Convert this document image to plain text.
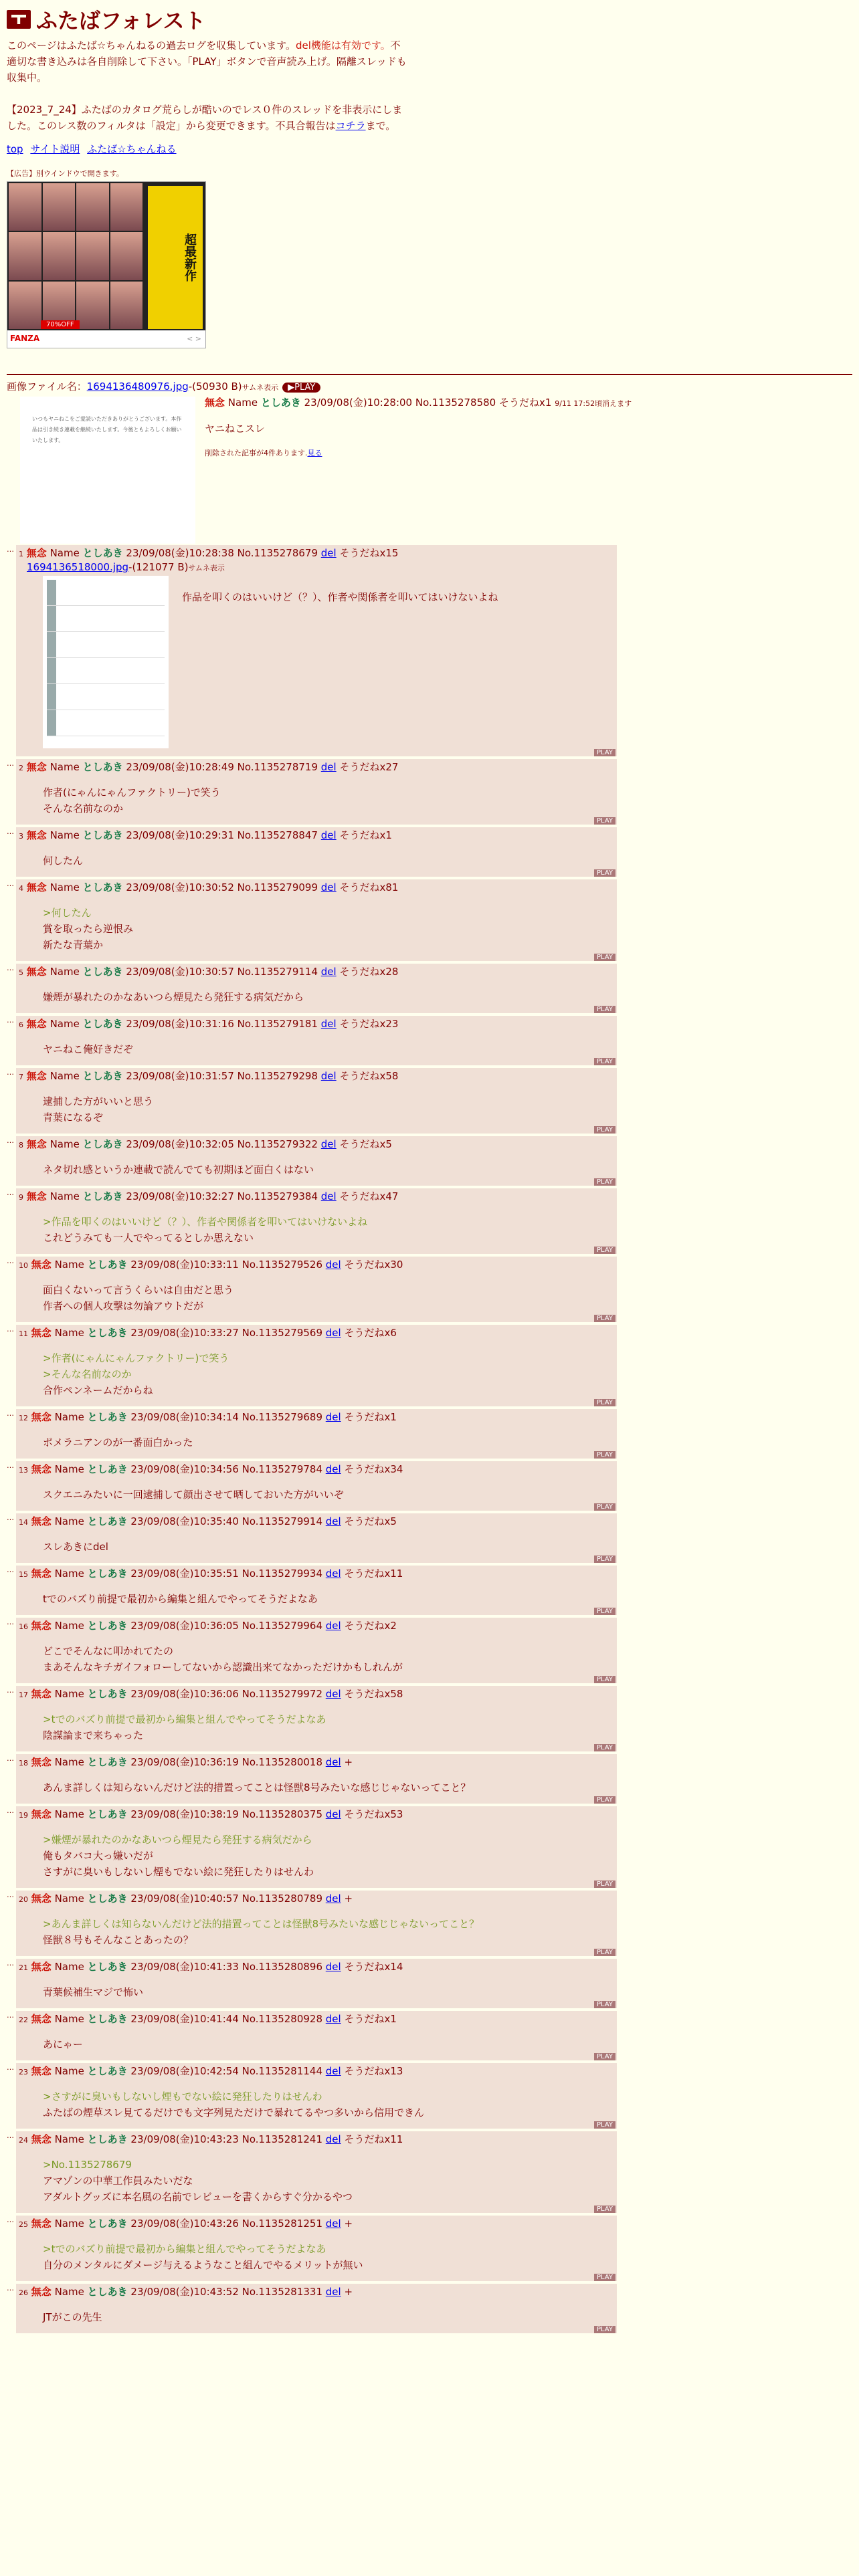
ふたばフォレスト
このページはふたば☆ちゃんねるの過去ログを収集しています。del機能は有効です。不適切な書き込みは各自削除して下さい。「PLAY」ボタンで音声読み上げ。隔離スレッドも収集中。

【2023_7_24】ふたばのカタログ荒らしが酷いのでレス０件のスレッドを非表示にしました。このレス数のフィルタは「設定」から変更できます。不具合報告はコチラまで。
top サイト説明 ふたば☆ちゃんねる
【広告】別ウインドウで開きます。
超最新作
70%OFF
FANZA	< >
画像ファイル名：1694136480976.jpg-(50930 B)サムネ表示 ▶PLAY
いつもヤニねこをご愛読いただきありがとうございます。本作品は引き続き連載を継続いたします。今後ともよろしくお願いいたします。
無念 Name としあき 23/09/08(金)10:28:00 No.1135278580 そうだねx1 9/11 17:52頃消えます
ヤニねこスレ
削除された記事が4件あります.見る
…
1 無念 Name としあき 23/09/08(金)10:28:38 No.1135278679 del そうだねx15
1694136518000.jpg-(121077 B)サムネ表示
作品を叩くのはいいけど（？）、作者や関係者を叩いてはいけないよね
PLAY
…
2 無念 Name としあき 23/09/08(金)10:28:49 No.1135278719 del そうだねx27
作者(にゃんにゃんファクトリー)で笑う
そんな名前なのか
PLAY
…
3 無念 Name としあき 23/09/08(金)10:29:31 No.1135278847 del そうだねx1
何したん
PLAY
…
4 無念 Name としあき 23/09/08(金)10:30:52 No.1135279099 del そうだねx81
>何したん
賞を取ったら逆恨み
新たな青葉か
PLAY
…
5 無念 Name としあき 23/09/08(金)10:30:57 No.1135279114 del そうだねx28
嫌煙が暴れたのかなあいつら煙見たら発狂する病気だから
PLAY
…
6 無念 Name としあき 23/09/08(金)10:31:16 No.1135279181 del そうだねx23
ヤニねこ俺好きだぞ
PLAY
…
7 無念 Name としあき 23/09/08(金)10:31:57 No.1135279298 del そうだねx58
逮捕した方がいいと思う
青葉になるぞ
PLAY
…
8 無念 Name としあき 23/09/08(金)10:32:05 No.1135279322 del そうだねx5
ネタ切れ感というか連載で読んでても初期ほど面白くはない
PLAY
…
9 無念 Name としあき 23/09/08(金)10:32:27 No.1135279384 del そうだねx47
>作品を叩くのはいいけど（？）、作者や関係者を叩いてはいけないよね
これどうみても一人でやってるとしか思えない
PLAY
…
10 無念 Name としあき 23/09/08(金)10:33:11 No.1135279526 del そうだねx30
面白くないって言うくらいは自由だと思う
作者への個人攻撃は勿論アウトだが
PLAY
…
11 無念 Name としあき 23/09/08(金)10:33:27 No.1135279569 del そうだねx6
>作者(にゃんにゃんファクトリー)で笑う
>そんな名前なのか
合作ペンネームだからね
PLAY
…
12 無念 Name としあき 23/09/08(金)10:34:14 No.1135279689 del そうだねx1
ポメラニアンのが一番面白かった
PLAY
…
13 無念 Name としあき 23/09/08(金)10:34:56 No.1135279784 del そうだねx34
スクエニみたいに一回逮捕して顔出させて晒しておいた方がいいぞ
PLAY
…
14 無念 Name としあき 23/09/08(金)10:35:40 No.1135279914 del そうだねx5
スレあきにdel
PLAY
…
15 無念 Name としあき 23/09/08(金)10:35:51 No.1135279934 del そうだねx11
tでのバズり前提で最初から編集と組んでやってそうだよなあ
PLAY
…
16 無念 Name としあき 23/09/08(金)10:36:05 No.1135279964 del そうだねx2
どこでそんなに叩かれてたの
まあそんなキチガイフォローしてないから認識出来てなかっただけかもしれんが
PLAY
…
17 無念 Name としあき 23/09/08(金)10:36:06 No.1135279972 del そうだねx58
>tでのバズり前提で最初から編集と組んでやってそうだよなあ
陰謀論まで来ちゃった
PLAY
…
18 無念 Name としあき 23/09/08(金)10:36:19 No.1135280018 del +
あんま詳しくは知らないんだけど法的措置ってことは怪獣8号みたいな感じじゃないってこと？
PLAY
…
19 無念 Name としあき 23/09/08(金)10:38:19 No.1135280375 del そうだねx53
>嫌煙が暴れたのかなあいつら煙見たら発狂する病気だから
俺もタバコ大っ嫌いだが
さすがに臭いもしないし煙もでない絵に発狂したりはせんわ
PLAY
…
20 無念 Name としあき 23/09/08(金)10:40:57 No.1135280789 del +
>あんま詳しくは知らないんだけど法的措置ってことは怪獣8号みたいな感じじゃないってこと？
怪獣８号もそんなことあったの？
PLAY
…
21 無念 Name としあき 23/09/08(金)10:41:33 No.1135280896 del そうだねx14
青葉候補生マジで怖い
PLAY
…
22 無念 Name としあき 23/09/08(金)10:41:44 No.1135280928 del そうだねx1
あにゃー
PLAY
…
23 無念 Name としあき 23/09/08(金)10:42:54 No.1135281144 del そうだねx13
>さすがに臭いもしないし煙もでない絵に発狂したりはせんわ
ふたばの煙草スレ見てるだけでも文字列見ただけで暴れてるやつ多いから信用できん
PLAY
…
24 無念 Name としあき 23/09/08(金)10:43:23 No.1135281241 del そうだねx11
>No.1135278679
アマゾンの中華工作員みたいだな
アダルトグッズに本名風の名前でレビューを書くからすぐ分かるやつ
PLAY
…
25 無念 Name としあき 23/09/08(金)10:43:26 No.1135281251 del +
>tでのバズり前提で最初から編集と組んでやってそうだよなあ
自分のメンタルにダメージ与えるようなこと組んでやるメリットが無い
PLAY
…
26 無念 Name としあき 23/09/08(金)10:43:52 No.1135281331 del +
JTがこの先生
PLAY
